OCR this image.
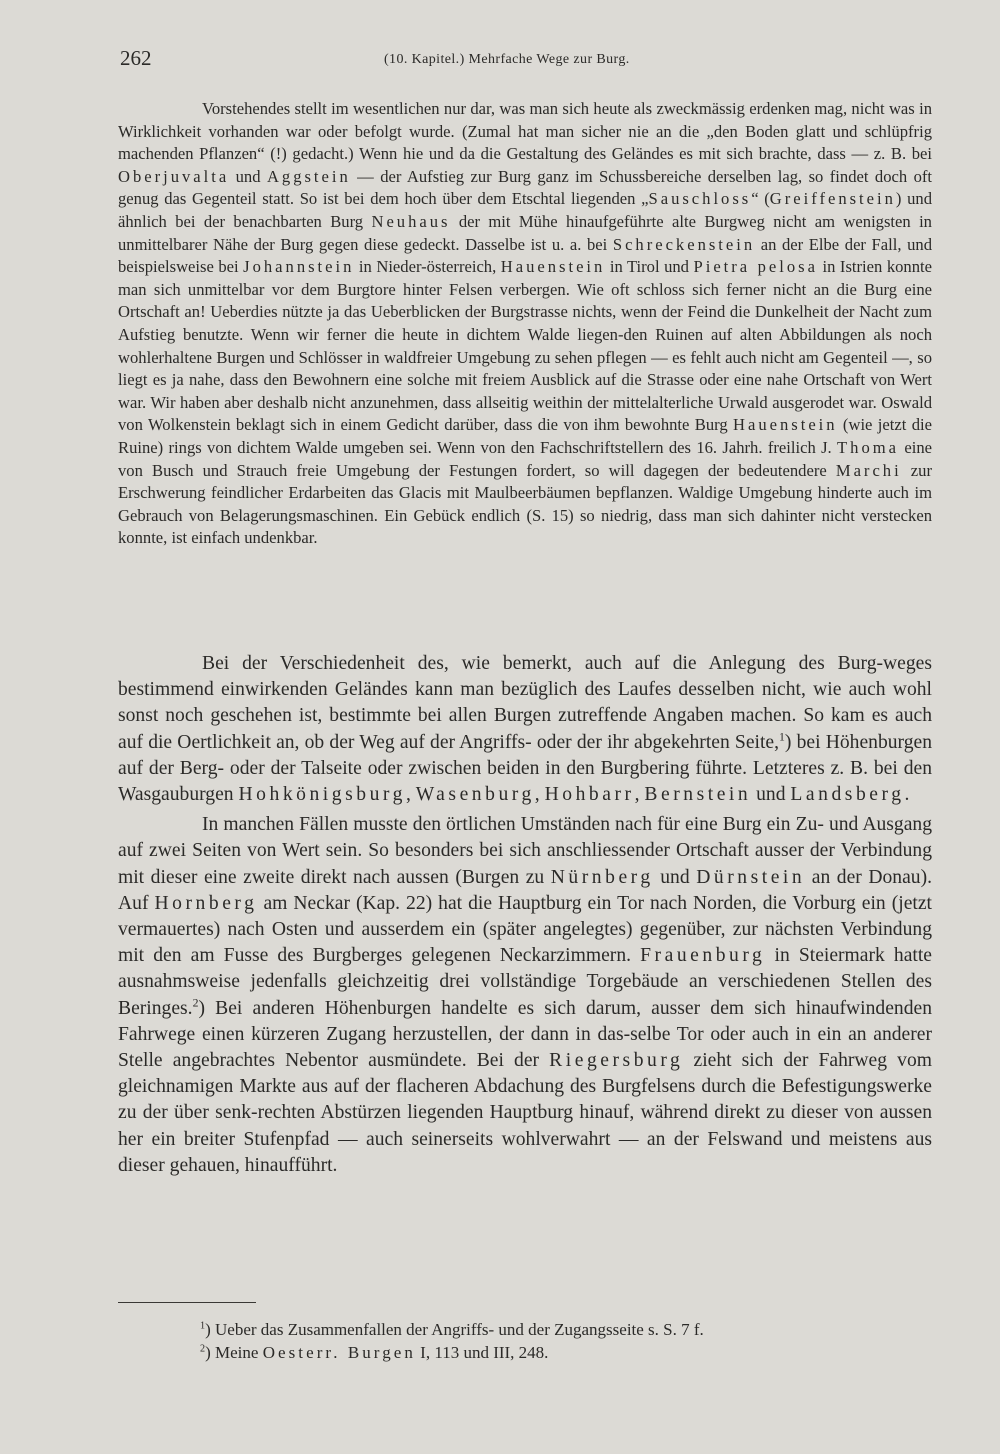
262	(10. Kapitel.) Mehrfache Wege zur Burg.

Vorstehendes stellt im wesentlichen nur dar, was man sich heute als zweckmässig erdenken mag, nicht was in Wirklichkeit vorhanden war oder befolgt wurde. (Zumal hat man sicher nie an die „den Boden glatt und schlüpfrig machenden Pflanzen“ (!) gedacht.) Wenn hie und da die Gestaltung des Geländes es mit sich brachte, dass — z. B. bei Oberjuvalta und Aggstein — der Aufstieg zur Burg ganz im Schussbereiche derselben lag, so findet doch oft genug das Gegenteil statt. So ist bei dem hoch über dem Etschtal liegenden „Sauschloss“ (Greiffenstein) und ähnlich bei der benachbarten Burg Neuhaus der mit Mühe hinaufgeführte alte Burgweg nicht am wenigsten in unmittelbarer Nähe der Burg gegen diese gedeckt. Dasselbe ist u. a. bei Schreckenstein an der Elbe der Fall, und beispielsweise bei Johannstein in Nieder-österreich, Hauenstein in Tirol und Pietra pelosa in Istrien konnte man sich unmittelbar vor dem Burgtore hinter Felsen verbergen. Wie oft schloss sich ferner nicht an die Burg eine Ortschaft an! Ueberdies nützte ja das Ueberblicken der Burgstrasse nichts, wenn der Feind die Dunkelheit der Nacht zum Aufstieg benutzte. Wenn wir ferner die heute in dichtem Walde liegen-den Ruinen auf alten Abbildungen als noch wohlerhaltene Burgen und Schlösser in waldfreier Umgebung zu sehen pflegen — es fehlt auch nicht am Gegenteil —, so liegt es ja nahe, dass den Bewohnern eine solche mit freiem Ausblick auf die Strasse oder eine nahe Ortschaft von Wert war. Wir haben aber deshalb nicht anzunehmen, dass allseitig weithin der mittelalterliche Urwald ausgerodet war. Oswald von Wolkenstein beklagt sich in einem Gedicht darüber, dass die von ihm bewohnte Burg Hauenstein (wie jetzt die Ruine) rings von dichtem Walde umgeben sei. Wenn von den Fachschriftstellern des 16. Jahrh. freilich J. Thoma eine von Busch und Strauch freie Umgebung der Festungen fordert, so will dagegen der bedeutendere Marchi zur Erschwerung feindlicher Erdarbeiten das Glacis mit Maulbeerbäumen bepflanzen. Waldige Umgebung hinderte auch im Gebrauch von Belagerungsmaschinen. Ein Gebück endlich (S. 15) so niedrig, dass man sich dahinter nicht verstecken konnte, ist einfach undenkbar.

Bei der Verschiedenheit des, wie bemerkt, auch auf die Anlegung des Burg-weges bestimmend einwirkenden Geländes kann man bezüglich des Laufes desselben nicht, wie auch wohl sonst noch geschehen ist, bestimmte bei allen Burgen zutreffende Angaben machen. So kam es auch auf die Oertlichkeit an, ob der Weg auf der Angriffs- oder der ihr abgekehrten Seite,$^1$) bei Höhenburgen auf der Berg- oder der Talseite oder zwischen beiden in den Burgbering führte. Letzteres z. B. bei den Wasgauburgen Hohkönigsburg, Wasenburg, Hohbarr, Bernstein und Landsberg.

In manchen Fällen musste den örtlichen Umständen nach für eine Burg ein Zu- und Ausgang auf zwei Seiten von Wert sein. So besonders bei sich anschliessender Ortschaft ausser der Verbindung mit dieser eine zweite direkt nach aussen (Burgen zu Nürnberg und Dürnstein an der Donau). Auf Hornberg am Neckar (Kap. 22) hat die Hauptburg ein Tor nach Norden, die Vorburg ein (jetzt vermauertes) nach Osten und ausserdem ein (später angelegtes) gegenüber, zur nächsten Verbindung mit den am Fusse des Burgberges gelegenen Neckarzimmern. Frauenburg in Steiermark hatte ausnahmsweise jedenfalls gleichzeitig drei vollständige Torgebäude an verschiedenen Stellen des Beringes.$^2$) Bei anderen Höhenburgen handelte es sich darum, ausser dem sich hinaufwindenden Fahrwege einen kürzeren Zugang herzustellen, der dann in das-selbe Tor oder auch in ein an anderer Stelle angebrachtes Nebentor ausmündete. Bei der Riegersburg zieht sich der Fahrweg vom gleichnamigen Markte aus auf der flacheren Abdachung des Burgfelsens durch die Befestigungswerke zu der über senk-rechten Abstürzen liegenden Hauptburg hinauf, während direkt zu dieser von aussen her ein breiter Stufenpfad — auch seinerseits wohlverwahrt — an der Felswand und meistens aus dieser gehauen, hinaufführt.

$^1$) Ueber das Zusammenfallen der Angriffs- und der Zugangsseite s. S. 7 f.
$^2$) Meine Oesterr. Burgen I, 113 und III, 248.
